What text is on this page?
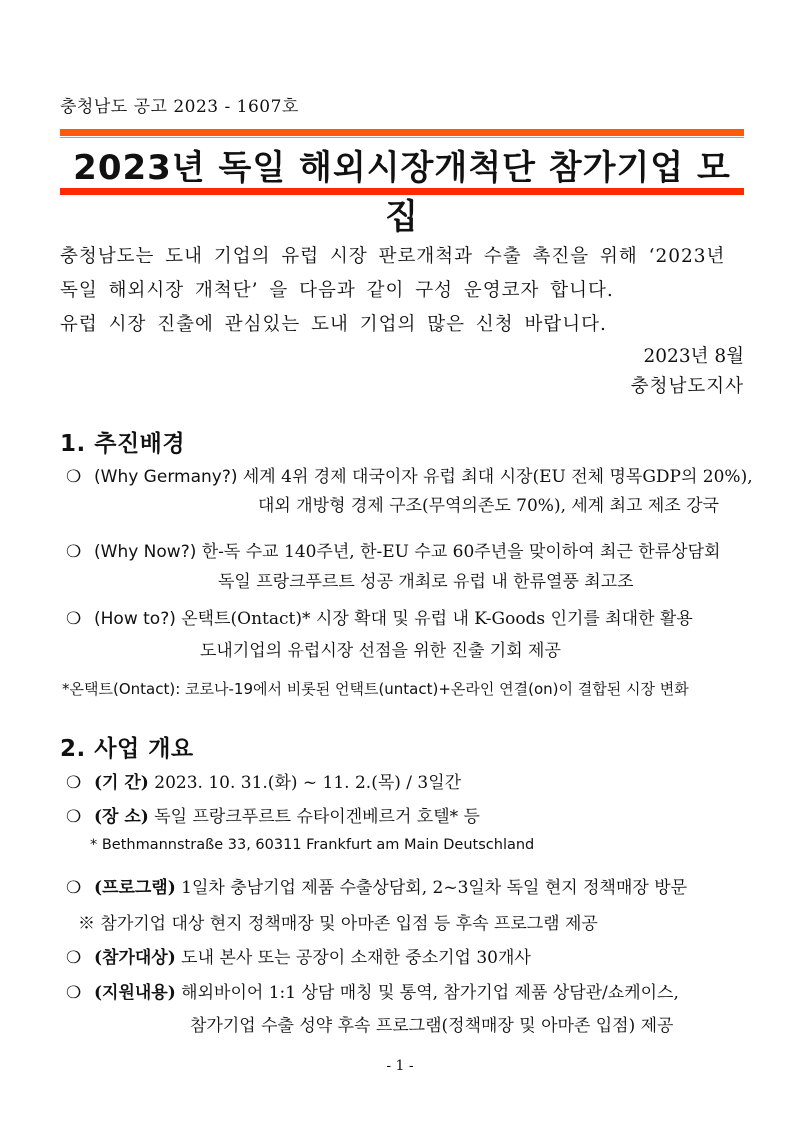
충청남도 공고 2023 - 1607호
2023년 독일 해외시장개척단 참가기업 모집
충청남도는 도내 기업의 유럽 시장 판로개척과 수출 촉진을 위해 ‘2023년
독일 해외시장 개척단’ 을 다음과 같이 구성 운영코자 합니다.
유럽 시장 진출에 관심있는 도내 기업의 많은 신청 바랍니다.
2023년 8월
충청남도지사
1. 추진배경
❍ (Why Germany?) 세계 4위 경제 대국이자 유럽 최대 시장(EU 전체 명목GDP의 20%),
대외 개방형 경제 구조(무역의존도 70%), 세계 최고 제조 강국
❍ (Why Now?) 한-독 수교 140주년, 한-EU 수교 60주년을 맞이하여 최근 한류상담회
독일 프랑크푸르트 성공 개최로 유럽 내 한류열풍 최고조
❍ (How to?) 온택트(Ontact)* 시장 확대 및 유럽 내 K-Goods 인기를 최대한 활용
도내기업의 유럽시장 선점을 위한 진출 기회 제공
*온택트(Ontact): 코로나-19에서 비롯된 언택트(untact)+온라인 연결(on)이 결합된 시장 변화
2. 사업 개요
❍ (기 간) 2023. 10. 31.(화) ~ 11. 2.(목) / 3일간
❍ (장 소) 독일 프랑크푸르트 슈타이겐베르거 호텔* 등
* Bethmannstraße 33, 60311 Frankfurt am Main Deutschland
❍ (프로그램) 1일차 충남기업 제품 수출상담회, 2~3일차 독일 현지 정책매장 방문
※ 참가기업 대상 현지 정책매장 및 아마존 입점 등 후속 프로그램 제공
❍ (참가대상) 도내 본사 또는 공장이 소재한 중소기업 30개사
❍ (지원내용) 해외바이어 1:1 상담 매칭 및 통역, 참가기업 제품 상담관/쇼케이스,
참가기업 수출 성약 후속 프로그램(정책매장 및 아마존 입점) 제공
- 1 -
